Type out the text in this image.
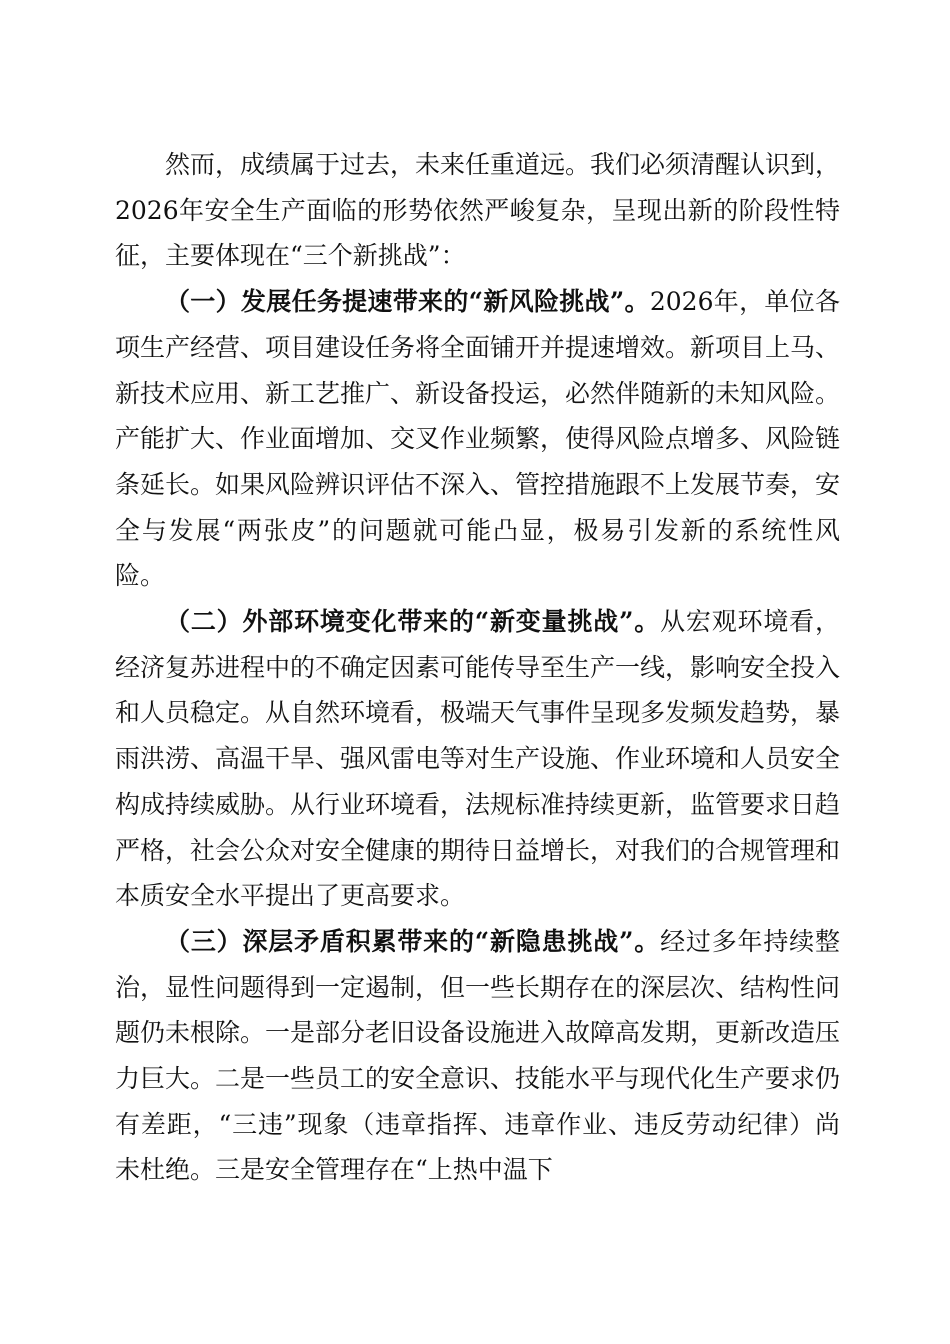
然而，成绩属于过去，未来任重道远。我们必须清醒认识到，2026年安全生产面临的形势依然严峻复杂，呈现出新的阶段性特征，主要体现在“三个新挑战”：

（一）发展任务提速带来的“新风险挑战”。2026年，单位各项生产经营、项目建设任务将全面铺开并提速增效。新项目上马、新技术应用、新工艺推广、新设备投运，必然伴随新的未知风险。产能扩大、作业面增加、交叉作业频繁，使得风险点增多、风险链条延长。如果风险辨识评估不深入、管控措施跟不上发展节奏，安全与发展“两张皮”的问题就可能凸显，极易引发新的系统性风险。

（二）外部环境变化带来的“新变量挑战”。从宏观环境看，经济复苏进程中的不确定因素可能传导至生产一线，影响安全投入和人员稳定。从自然环境看，极端天气事件呈现多发频发趋势，暴雨洪涝、高温干旱、强风雷电等对生产设施、作业环境和人员安全构成持续威胁。从行业环境看，法规标准持续更新，监管要求日趋严格，社会公众对安全健康的期待日益增长，对我们的合规管理和本质安全水平提出了更高要求。

（三）深层矛盾积累带来的“新隐患挑战”。经过多年持续整治，显性问题得到一定遏制，但一些长期存在的深层次、结构性问题仍未根除。一是部分老旧设备设施进入故障高发期，更新改造压力巨大。二是一些员工的安全意识、技能水平与现代化生产要求仍有差距，“三违”现象（违章指挥、违章作业、违反劳动纪律）尚未杜绝。三是安全管理存在“上热中温下
